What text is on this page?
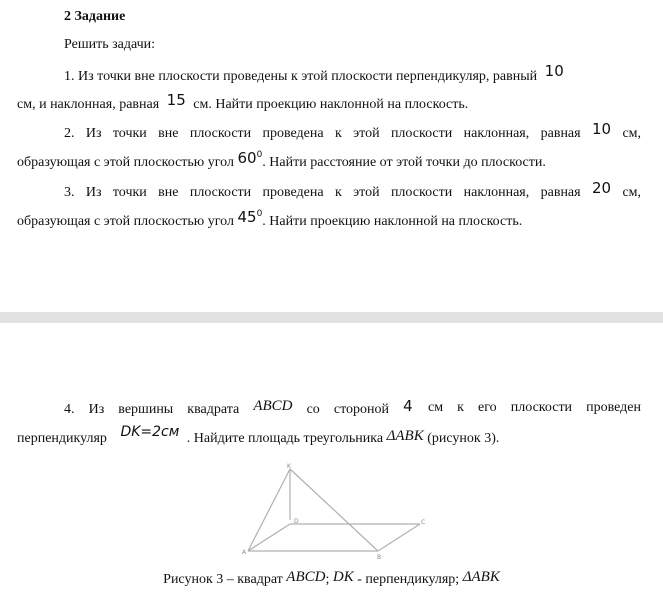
2 Задание
Решить задачи:
1. Из точки вне плоскости проведены к этой плоскости перпендикуляр, равный 10
см, и наклонная, равная 15 см. Найти проекцию наклонной на плоскость.
2. Из точки вне плоскости проведена к этой плоскости наклонная, равная 10 см,
образующая с этой плоскостью угол $60^0$. Найти расстояние от этой точки до плоскости.
3. Из точки вне плоскости проведена к этой плоскости наклонная, равная 20 см,
образующая с этой плоскостью угол $45^0$. Найти проекцию наклонной на плоскость.
4. Из вершины квадрата ABCD со стороной 4 см к его плоскости проведен
перпендикуляр DK=2см . Найдите площадь треугольника ΔABK (рисунок 3).
K
D	C
A
B
Рисунок 3 – квадрат ABCD; DK - перпендикуляр; ΔABK
